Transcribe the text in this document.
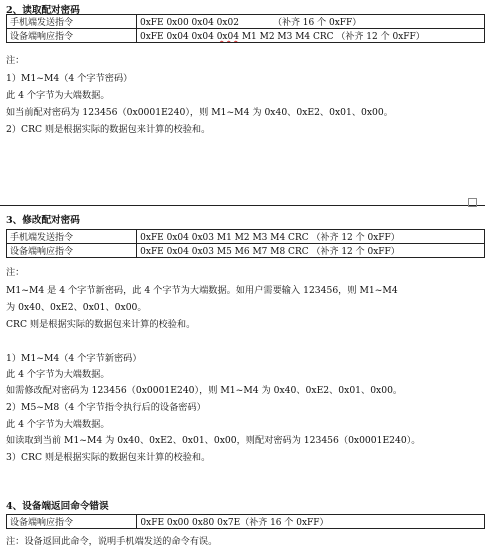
2、读取配对密码
手机端发送指令	0xFE 0x00 0x04 0x02 （补齐 16 个 0xFF）
设备端响应指令	0xFE 0x04 0x04 0x04 M1 M2 M3 M4 CRC （补齐 12 个 0xFF）
注：
1）M1~M4（4 个字节密码）
此 4 个字节为大端数据。
如当前配对密码为 123456（0x0001E240），则 M1~M4 为 0x40、0xE2、0x01、0x00。
2）CRC 则是根据实际的数据包来计算的校验和。
3、修改配对密码
手机端发送指令	0xFE 0x04 0x03 M1 M2 M3 M4 CRC （补齐 12 个 0xFF）
设备端响应指令	0xFE 0x04 0x03 M5 M6 M7 M8 CRC （补齐 12 个 0xFF）
注：
M1~M4 是 4 个字节新密码，此 4 个字节为大端数据。如用户需要输入 123456，则 M1~M4
为 0x40、0xE2、0x01、0x00。
CRC 则是根据实际的数据包来计算的校验和。
1）M1~M4（4 个字节新密码）
此 4 个字节为大端数据。
如需修改配对密码为 123456（0x0001E240），则 M1~M4 为 0x40、0xE2、0x01、0x00。
2）M5~M8（4 个字节指令执行后的设备密码）
此 4 个字节为大端数据。
如读取到当前 M1~M4 为 0x40、0xE2、0x01、0x00，则配对密码为 123456（0x0001E240）。
3）CRC 则是根据实际的数据包来计算的校验和。
4、设备端返回命令错误
设备端响应指令	0xFE 0x00 0x80 0x7E（补齐 16 个 0xFF）
注：设备返回此命令，说明手机端发送的命令有误。
